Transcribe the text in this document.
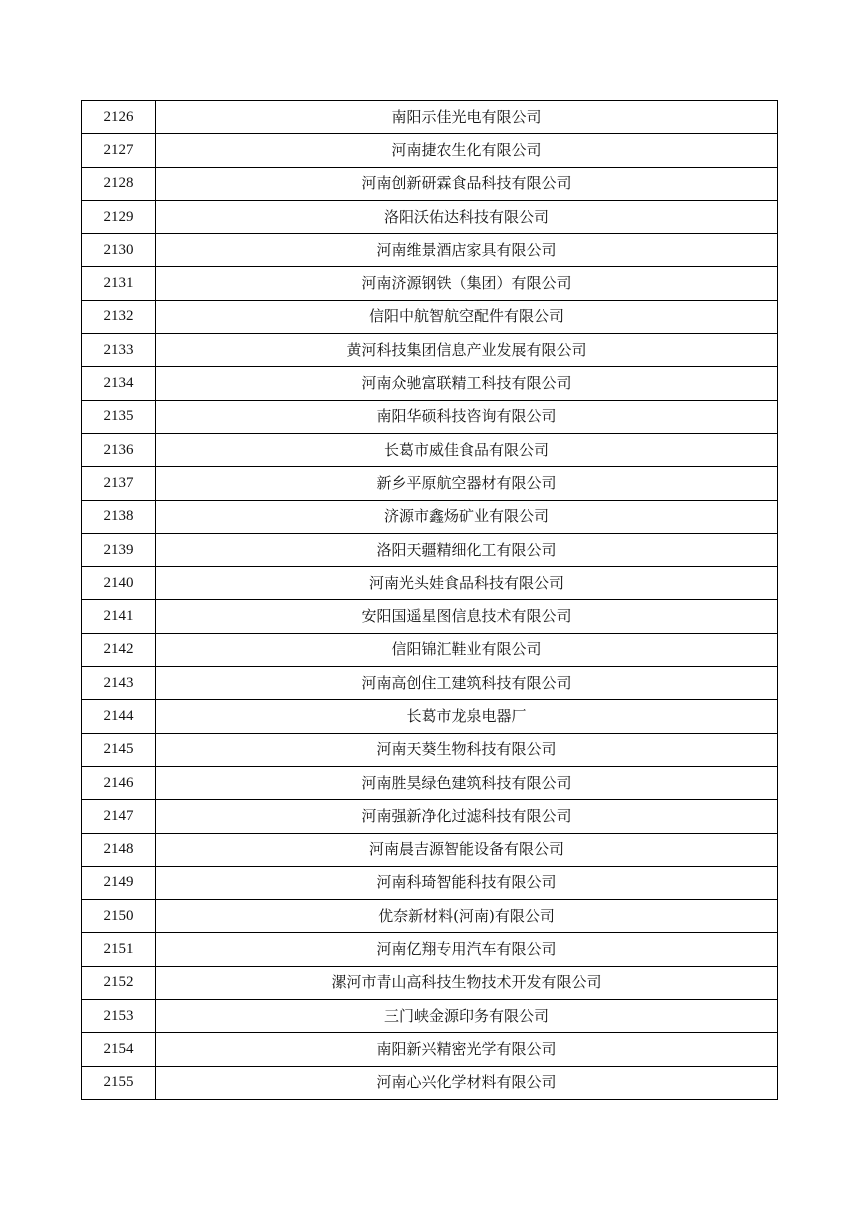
2126	南阳示佳光电有限公司
2127	河南捷农生化有限公司
2128	河南创新研霖食品科技有限公司
2129	洛阳沃佑达科技有限公司
2130	河南维景酒店家具有限公司
2131	河南济源钢铁（集团）有限公司
2132	信阳中航智航空配件有限公司
2133	黄河科技集团信息产业发展有限公司
2134	河南众驰富联精工科技有限公司
2135	南阳华硕科技咨询有限公司
2136	长葛市威佳食品有限公司
2137	新乡平原航空器材有限公司
2138	济源市鑫炀矿业有限公司
2139	洛阳天疆精细化工有限公司
2140	河南光头娃食品科技有限公司
2141	安阳国遥星图信息技术有限公司
2142	信阳锦汇鞋业有限公司
2143	河南高创住工建筑科技有限公司
2144	长葛市龙泉电器厂
2145	河南天葵生物科技有限公司
2146	河南胜昊绿色建筑科技有限公司
2147	河南强新净化过滤科技有限公司
2148	河南晨吉源智能设备有限公司
2149	河南科琦智能科技有限公司
2150	优奈新材料(河南)有限公司
2151	河南亿翔专用汽车有限公司
2152	漯河市青山高科技生物技术开发有限公司
2153	三门峡金源印务有限公司
2154	南阳新兴精密光学有限公司
2155	河南心兴化学材料有限公司
